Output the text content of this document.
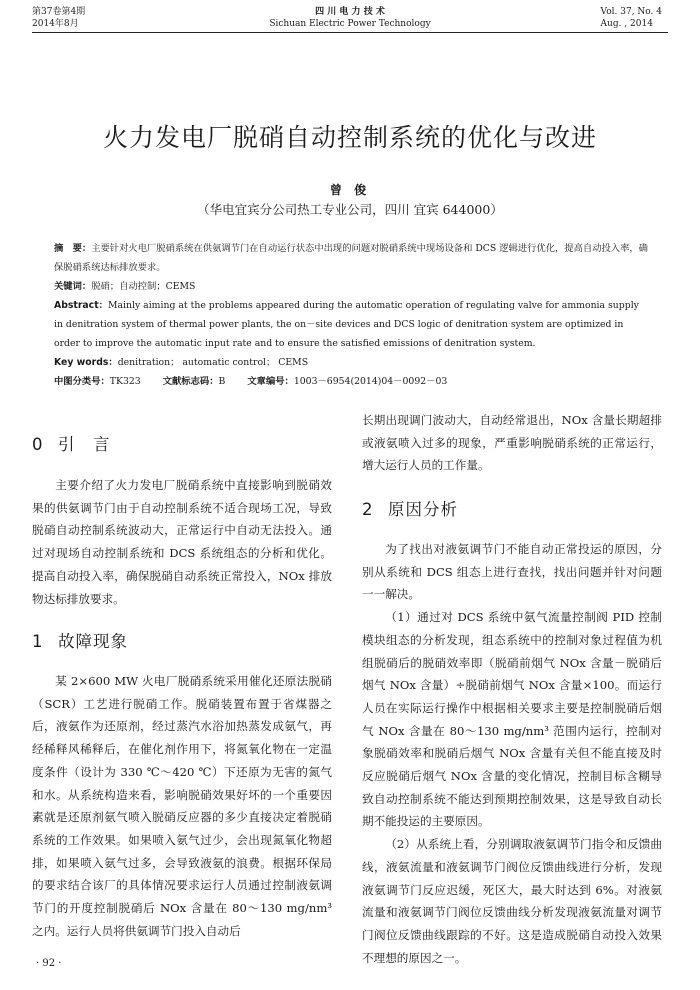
第37卷第4期
2014年8月
四 川 电 力 技 术
Sichuan Electric Power Technology
Vol. 37, No. 4
Aug. , 2014
火力发电厂脱硝自动控制系统的优化与改进
曾 俊
（华电宜宾分公司热工专业公司，四川 宜宾 644000）
摘　要：主要针对火电厂脱硝系统在供氨调节门在自动运行状态中出现的问题对脱硝系统中现场设备和 DCS 逻辑进行优化，提高自动投入率，确保脱硝系统达标排放要求。
关键词：脱硝；自动控制；CEMS
Abstract：Mainly aiming at the problems appeared during the automatic operation of regulating valve for ammonia supply in denitration system of thermal power plants, the on－site devices and DCS logic of denitration system are optimized in order to improve the automatic input rate and to ensure the satisfied emissions of denitration system.
Key words：denitration； automatic control； CEMS
中图分类号：TK323 文献标志码：B 文章编号：1003－6954(2014)04－0092－03
0 引　言

主要介绍了火力发电厂脱硝系统中直接影响到脱硝效果的供氨调节门由于自动控制系统不适合现场工况，导致脱硝自动控制系统波动大，正常运行中自动无法投入。通过对现场自动控制系统和 DCS 系统组态的分析和优化。提高自动投入率，确保脱硝自动系统正常投入，NOx 排放物达标排放要求。

1 故障现象

某 2×600 MW 火电厂脱硝系统采用催化还原法脱硝（SCR）工艺进行脱硝工作。脱硝装置布置于省煤器之后，液氨作为还原剂，经过蒸汽水浴加热蒸发成氨气，再经稀释风稀释后，在催化剂作用下，将氮氧化物在一定温度条件（设计为 330 ℃～420 ℃）下还原为无害的氮气和水。从系统构造来看，影响脱硝效果好坏的一个重要因素就是还原剂氨气喷入脱硝反应器的多少直接决定着脱硝系统的工作效果。如果喷入氨气过少，会出现氮氧化物超排，如果喷入氨气过多，会导致液氨的浪费。根据环保局的要求结合该厂的具体情况要求运行人员通过控制液氨调节门的开度控制脱硝后 NOx 含量在 80～130 mg/nm³ 之内。运行人员将供氨调节门投入自动后

长期出现调门波动大，自动经常退出，NOx 含量长期超排或液氨喷入过多的现象，严重影响脱硝系统的正常运行，增大运行人员的工作量。

2 原因分析

为了找出对液氨调节门不能自动正常投运的原因，分别从系统和 DCS 组态上进行查找，找出问题并针对问题一一解决。

（1）通过对 DCS 系统中氨气流量控制阀 PID 控制模块组态的分析发现，组态系统中的控制对象过程值为机组脱硝后的脱硝效率即（脱硝前烟气 NOx 含量－脱硝后烟气 NOx 含量）÷脱硝前烟气 NOx 含量×100。而运行人员在实际运行操作中根据相关要求主要是控制脱硝后烟气 NOx 含量在 80～130 mg/nm³ 范围内运行，控制对象脱硝效率和脱硝后烟气 NOx 含量有关但不能直接及时反应脱硝后烟气 NOx 含量的变化情况，控制目标含糊导致自动控制系统不能达到预期控制效果，这是导致自动长期不能投运的主要原因。

（2）从系统上看，分别调取液氨调节门指令和反馈曲线，液氨流量和液氨调节门阀位反馈曲线进行分析，发现液氨调节门反应迟缓，死区大，最大时达到 6%。对液氨流量和液氨调节门阀位反馈曲线分析发现液氨流量对调节门阀位反馈曲线跟踪的不好。这是造成脱硝自动投入效果不理想的原因之一。

· 92 ·
